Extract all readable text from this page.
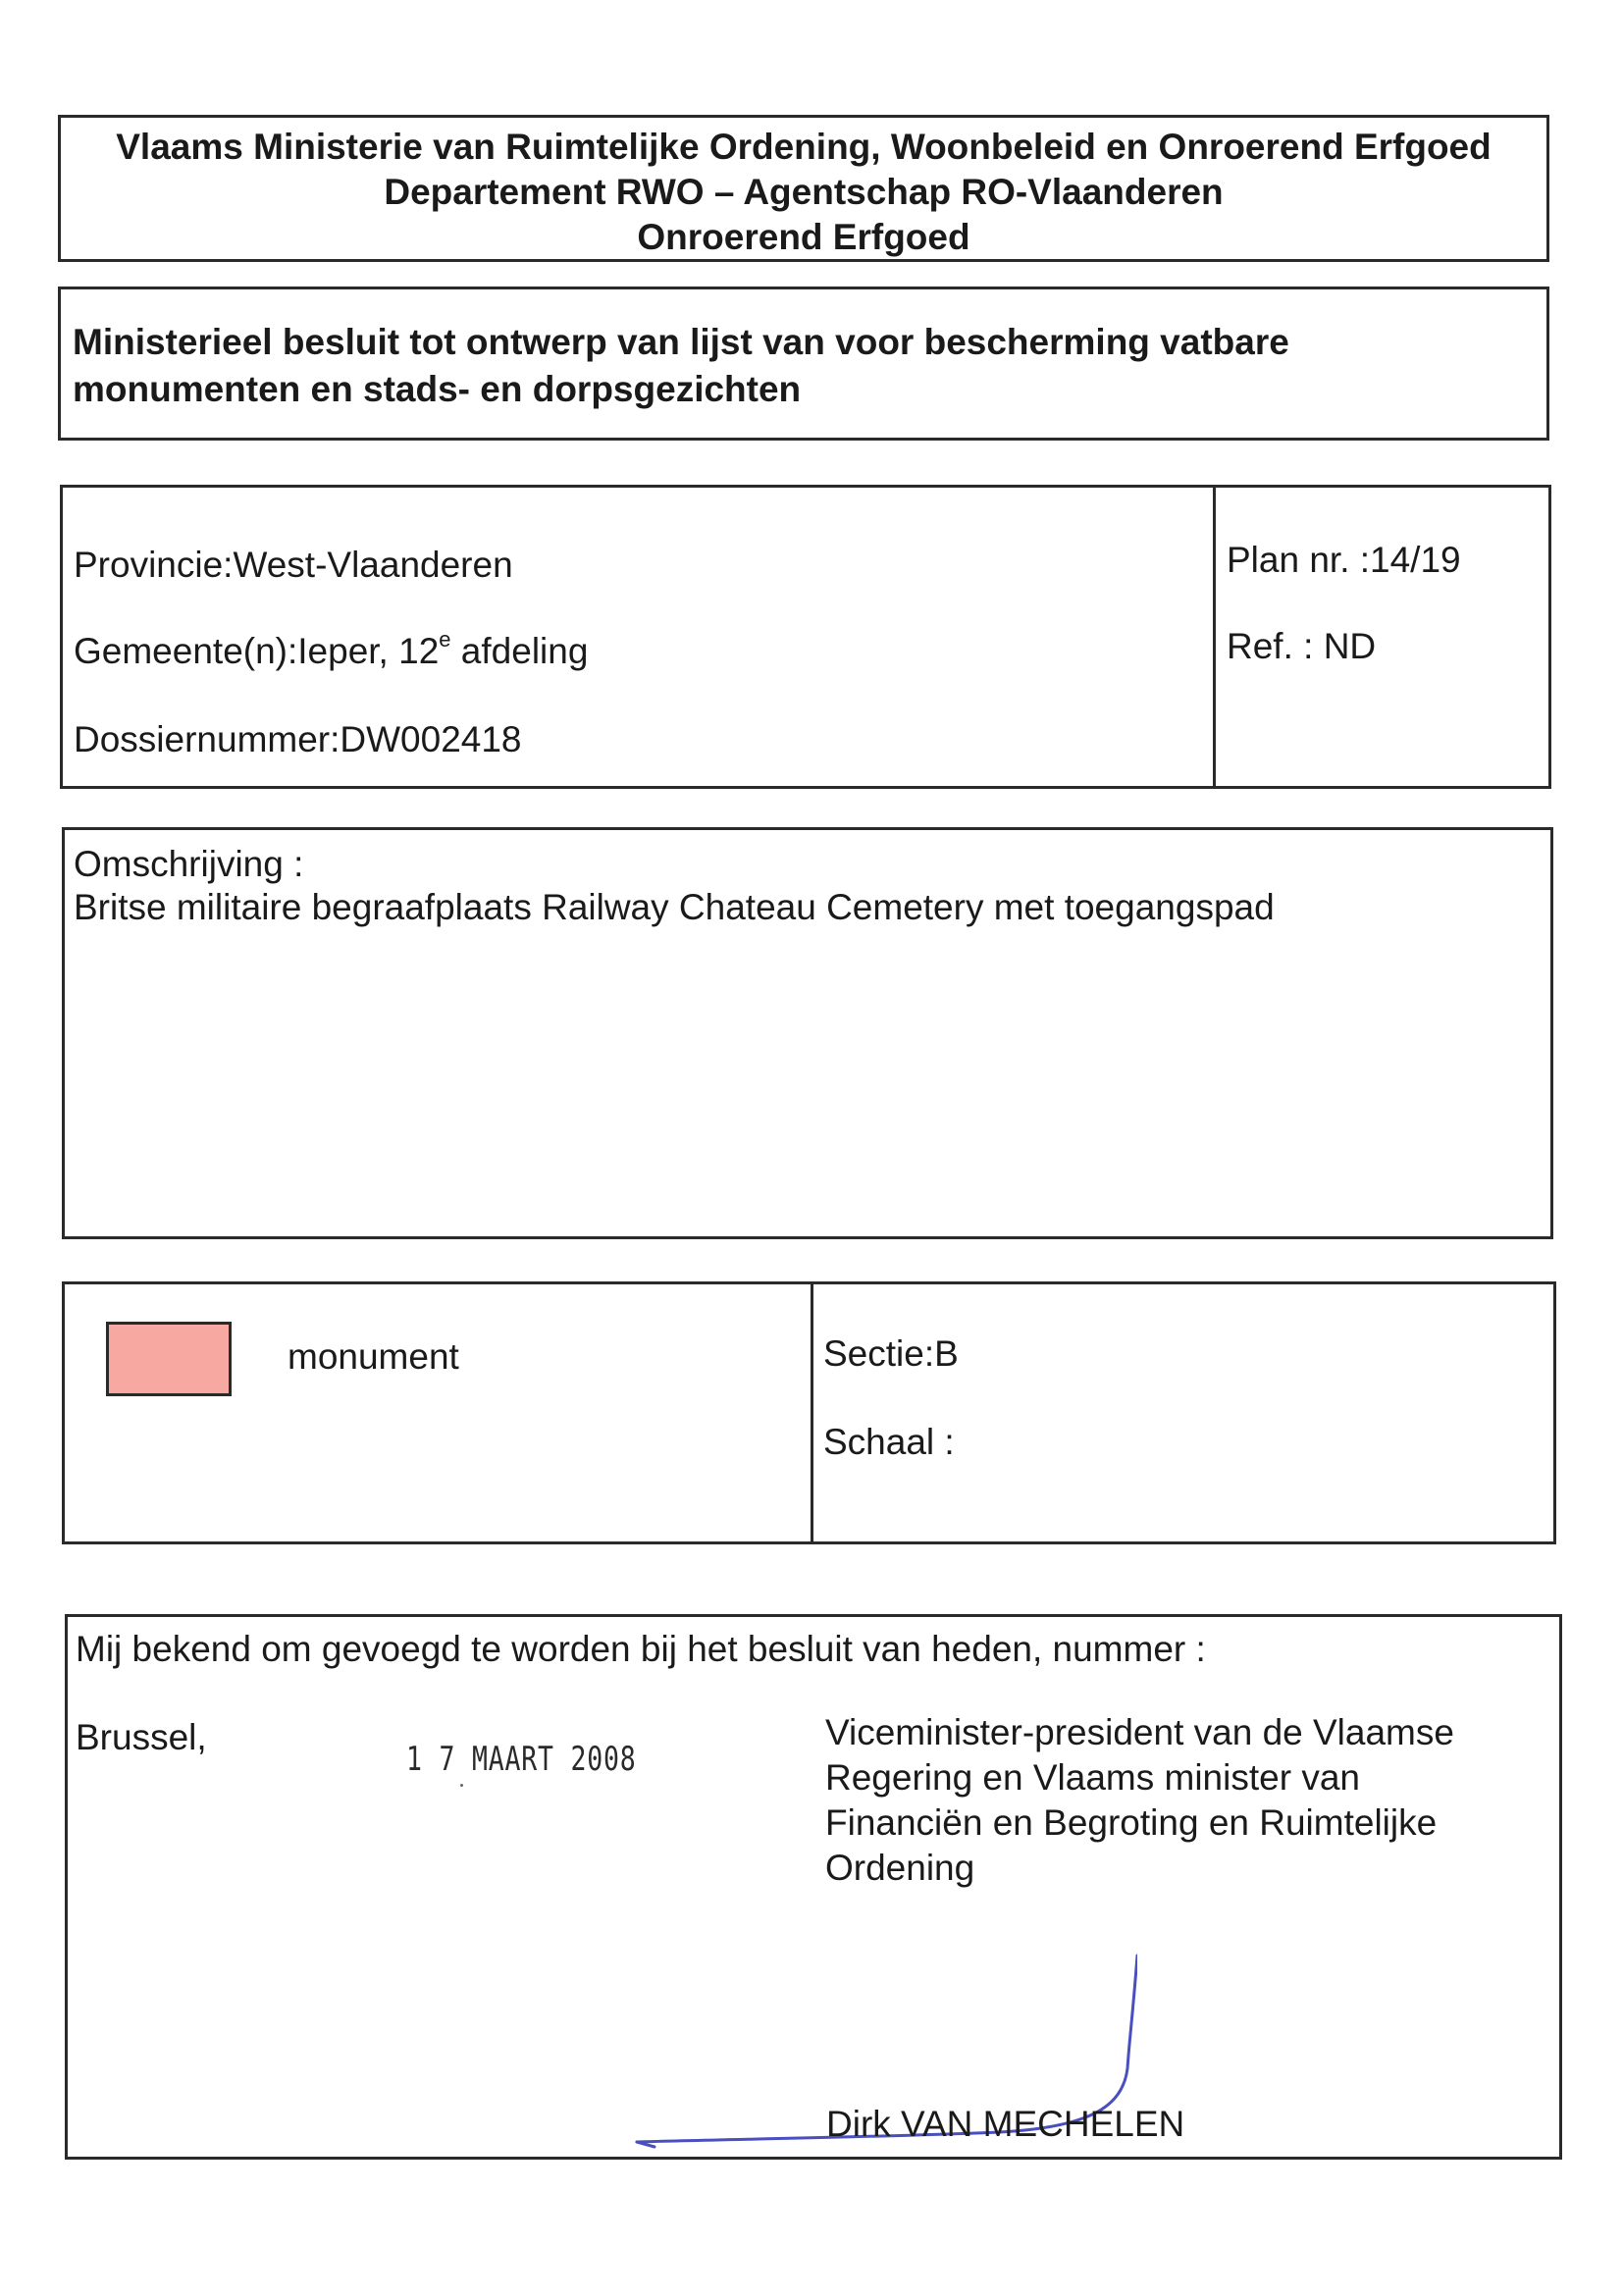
Vlaams Ministerie van Ruimtelijke Ordening, Woonbeleid en Onroerend Erfgoed
Departement RWO – Agentschap RO-Vlaanderen
Onroerend Erfgoed
Ministerieel besluit tot ontwerp van lijst van voor bescherming vatbare
monumenten en stads- en dorpsgezichten
Provincie:West-Vlaanderen
Gemeente(n):Ieper, 12e afdeling
Dossiernummer:DW002418
Plan nr. :14/19
Ref. : ND
Omschrijving :
Britse militaire begraafplaats Railway Chateau Cemetery met toegangspad
monument	Sectie:B
Schaal :
Mij bekend om gevoegd te worden bij het besluit van heden, nummer :
Brussel,
1 7 MAART 2008
Viceminister-president van de Vlaamse
Regering en Vlaams minister van
Financiën en Begroting en Ruimtelijke
Ordening
Dirk VAN MECHELEN
